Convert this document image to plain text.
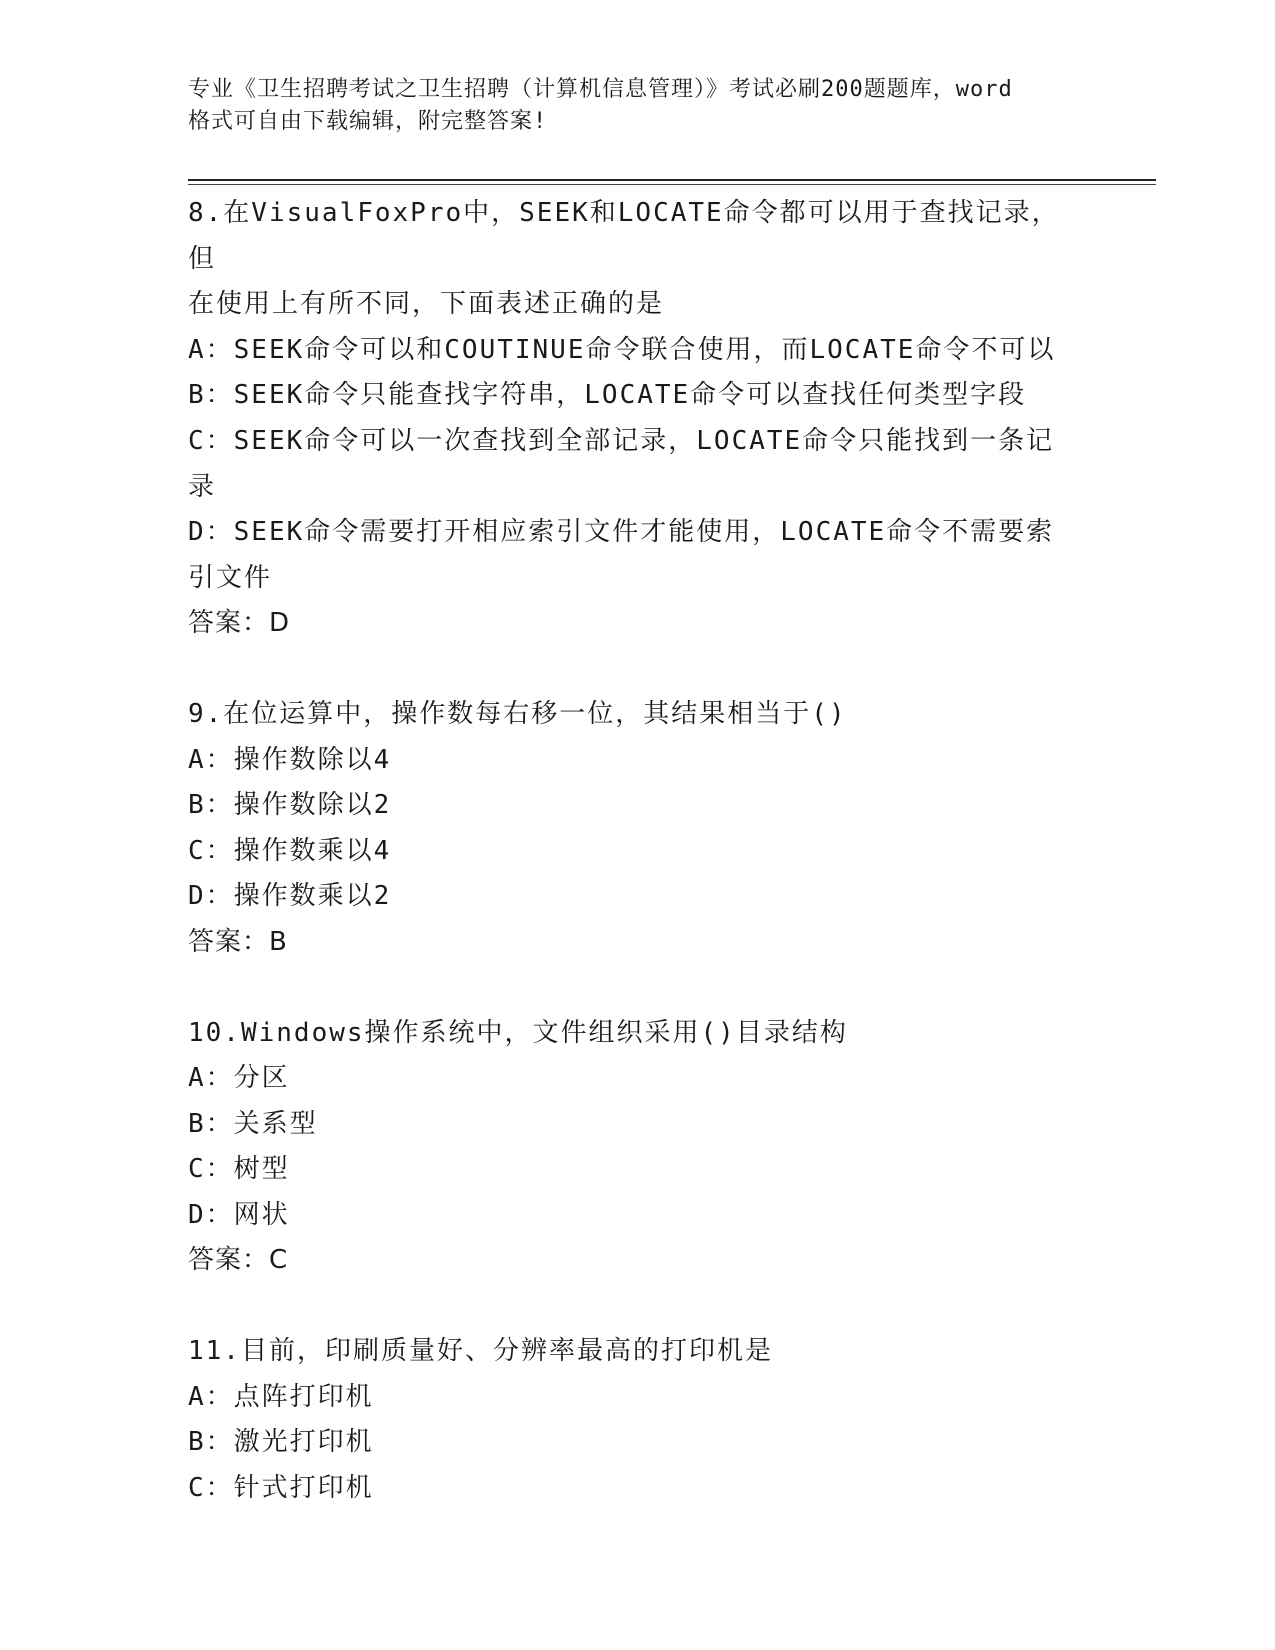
专业《卫生招聘考试之卫生招聘（计算机信息管理）》考试必刷200题题库，word
格式可自由下载编辑，附完整答案!

8.在VisualFoxPro中，SEEK和LOCATE命令都可以用于查找记录，但

在使用上有所不同，下面表述正确的是

A：SEEK命令可以和COUTINUE命令联合使用，而LOCATE命令不可以

B：SEEK命令只能查找字符串，LOCATE命令可以查找任何类型字段

C：SEEK命令可以一次查找到全部记录，LOCATE命令只能找到一条记

录

D：SEEK命令需要打开相应索引文件才能使用，LOCATE命令不需要索

引文件

答案：D

9.在位运算中，操作数每右移一位，其结果相当于()

A：操作数除以4

B：操作数除以2

C：操作数乘以4

D：操作数乘以2

答案：B

10.Windows操作系统中，文件组织采用()目录结构

A：分区

B：关系型

C：树型

D：网状

答案：C

11.目前，印刷质量好、分辨率最高的打印机是

A：点阵打印机

B：激光打印机

C：针式打印机
